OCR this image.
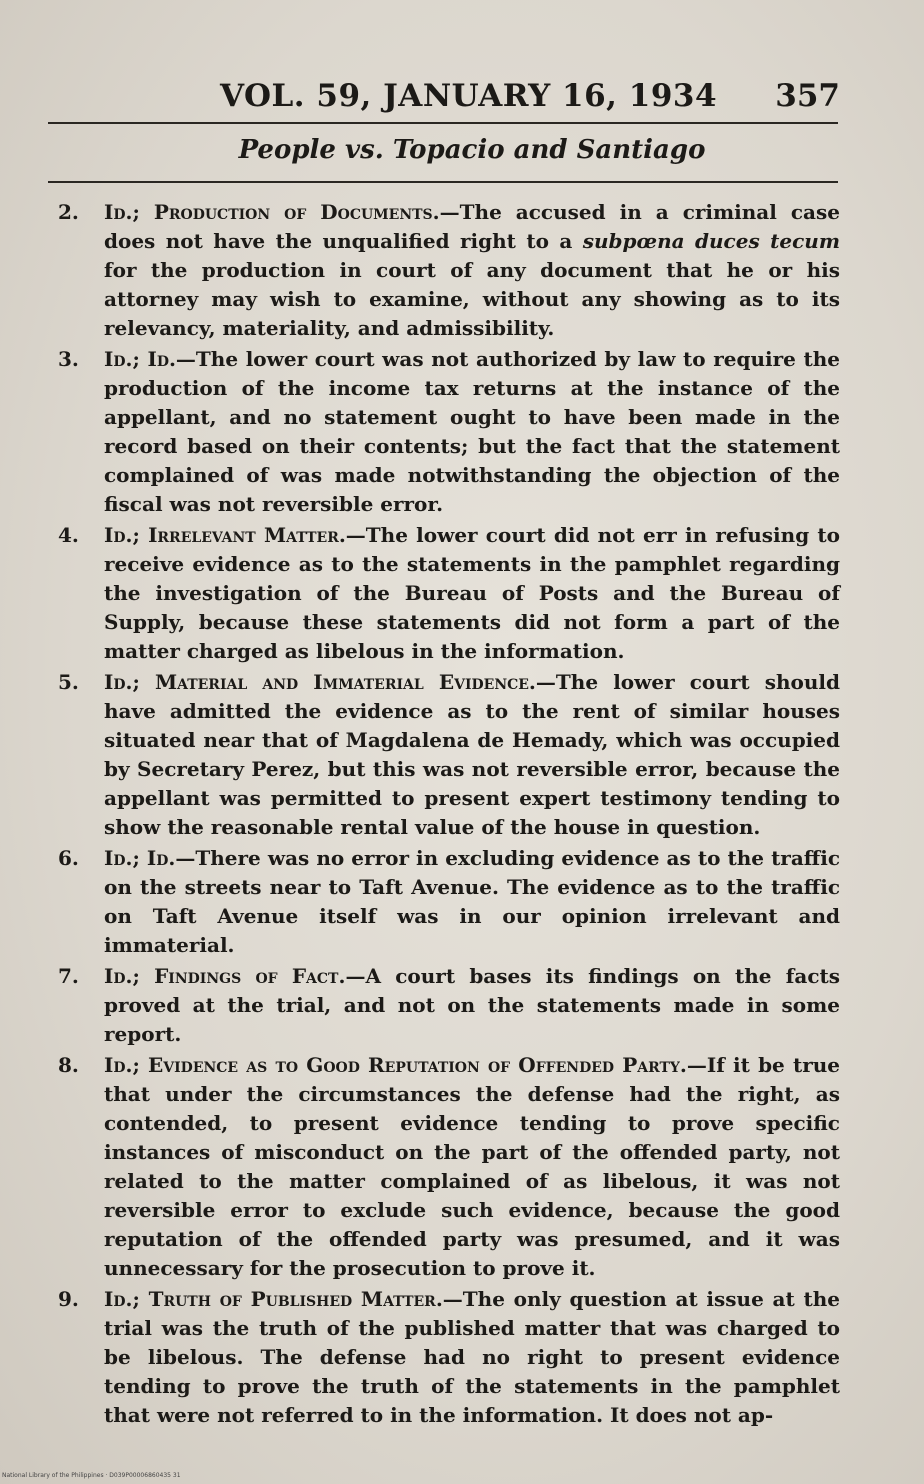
VOL. 59, JANUARY 16, 1934 357
People vs. Topacio and Santiago

2. Id.; Production of Documents.—The accused in a criminal case does not have the unqualified right to a subpœna duces tecum for the production in court of any document that he or his attorney may wish to examine, without any showing as to its relevancy, materiality, and admissibility.

3. Id.; Id.—The lower court was not authorized by law to require the production of the income tax returns at the instance of the appellant, and no statement ought to have been made in the record based on their contents; but the fact that the statement complained of was made notwithstanding the objection of the fiscal was not reversible error.

4. Id.; Irrelevant Matter.—The lower court did not err in refusing to receive evidence as to the statements in the pamphlet regarding the investigation of the Bureau of Posts and the Bureau of Supply, because these statements did not form a part of the matter charged as libelous in the information.

5. Id.; Material and Immaterial Evidence.—The lower court should have admitted the evidence as to the rent of similar houses situated near that of Magdalena de Hemady, which was occupied by Secretary Perez, but this was not reversible error, because the appellant was permitted to present expert testimony tending to show the reasonable rental value of the house in question.

6. Id.; Id.—There was no error in excluding evidence as to the traffic on the streets near to Taft Avenue. The evidence as to the traffic on Taft Avenue itself was in our opinion irrelevant and immaterial.

7. Id.; Findings of Fact.—A court bases its findings on the facts proved at the trial, and not on the statements made in some report.

8. Id.; Evidence as to Good Reputation of Offended Party.—If it be true that under the circumstances the defense had the right, as contended, to present evidence tending to prove specific instances of misconduct on the part of the offended party, not related to the matter complained of as libelous, it was not reversible error to exclude such evidence, because the good reputation of the offended party was presumed, and it was unnecessary for the prosecution to prove it.

9. Id.; Truth of Published Matter.—The only question at issue at the trial was the truth of the published matter that was charged to be libelous. The defense had no right to present evidence tending to prove the truth of the statements in the pamphlet that were not referred to in the information. It does not ap-

National Library of the Philippines · D039P00006860435 31
